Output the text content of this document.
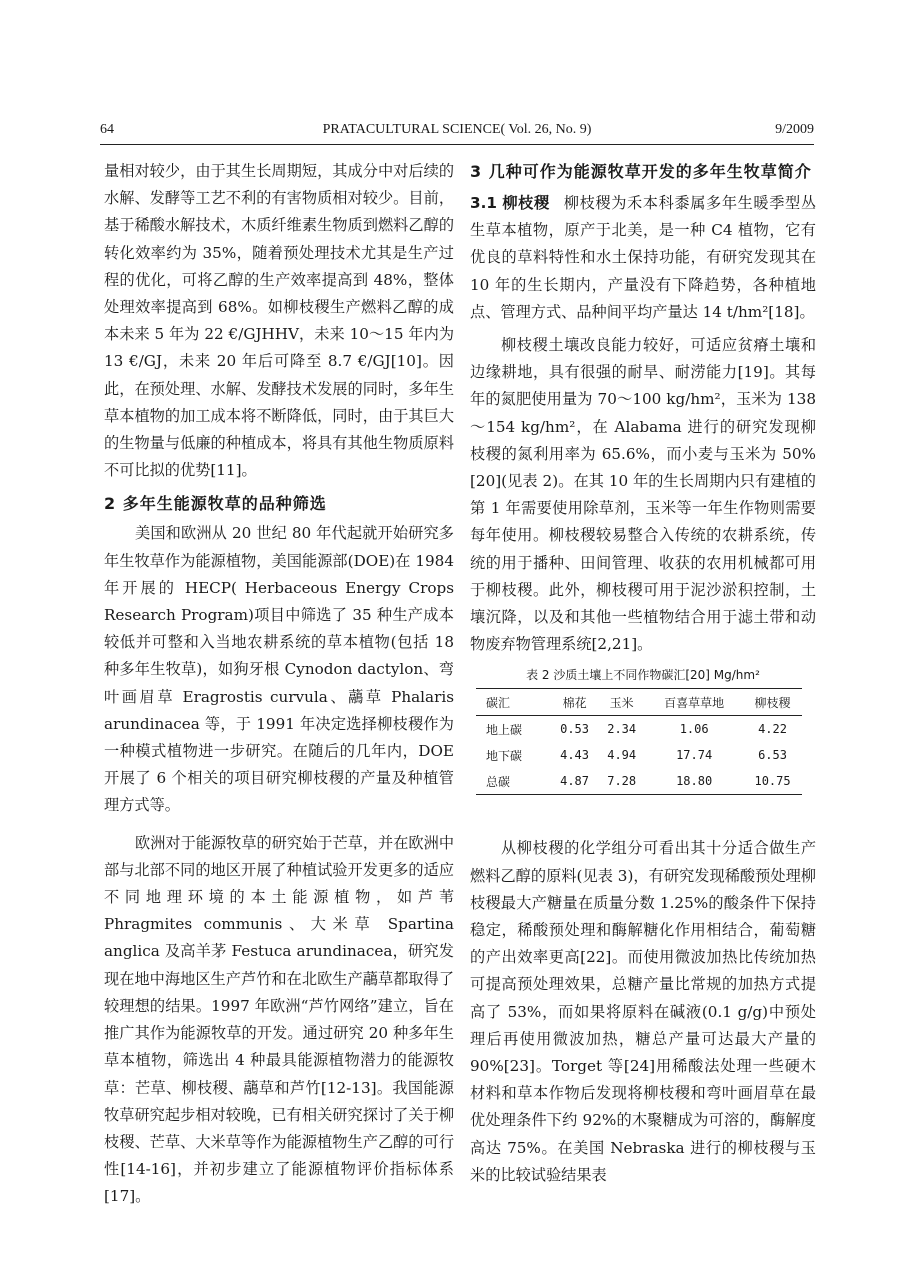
64	PRATACULTURAL SCIENCE( Vol. 26, No. 9)	9/2009

量相对较少，由于其生长周期短，其成分中对后续的水解、发酵等工艺不利的有害物质相对较少。目前，基于稀酸水解技术，木质纤维素生物质到燃料乙醇的转化效率约为 35%，随着预处理技术尤其是生产过程的优化，可将乙醇的生产效率提高到 48%，整体处理效率提高到 68%。如柳枝稷生产燃料乙醇的成本未来 5 年为 22 €/GJHHV，未来 10～15 年内为 13 €/GJ，未来 20 年后可降至 8.7 €/GJ[10]。因此，在预处理、水解、发酵技术发展的同时，多年生草本植物的加工成本将不断降低，同时，由于其巨大的生物量与低廉的种植成本，将具有其他生物质原料不可比拟的优势[11]。

2 多年生能源牧草的品种筛选

美国和欧洲从 20 世纪 80 年代起就开始研究多年生牧草作为能源植物，美国能源部(DOE)在 1984 年开展的 HECP( Herbaceous Energy Crops Research Program)项目中筛选了 35 种生产成本较低并可整和入当地农耕系统的草本植物(包括 18 种多年生牧草)，如狗牙根 Cynodon dactylon、弯叶画眉草 Eragrostis curvula、虉草 Phalaris arundinacea 等，于 1991 年决定选择柳枝稷作为一种模式植物进一步研究。在随后的几年内，DOE 开展了 6 个相关的项目研究柳枝稷的产量及种植管理方式等。

欧洲对于能源牧草的研究始于芒草，并在欧洲中部与北部不同的地区开展了种植试验开发更多的适应不同地理环境的本土能源植物，如芦苇 Phragmites communis、大米草 Spartina anglica 及高羊茅 Festuca arundinacea，研究发现在地中海地区生产芦竹和在北欧生产虉草都取得了较理想的结果。1997 年欧洲“芦竹网络”建立，旨在推广其作为能源牧草的开发。通过研究 20 种多年生草本植物，筛选出 4 种最具能源植物潜力的能源牧草：芒草、柳枝稷、虉草和芦竹[12-13]。我国能源牧草研究起步相对较晚，已有相关研究探讨了关于柳枝稷、芒草、大米草等作为能源植物生产乙醇的可行性[14-16]，并初步建立了能源植物评价指标体系[17]。

3 几种可作为能源牧草开发的多年生牧草简介

3.1 柳枝稷 柳枝稷为禾本科黍属多年生暖季型丛生草本植物，原产于北美，是一种 C4 植物，它有优良的草料特性和水土保持功能，有研究发现其在 10 年的生长期内，产量没有下降趋势，各种植地点、管理方式、品种间平均产量达 14 t/hm²[18]。

柳枝稷土壤改良能力较好，可适应贫瘠土壤和边缘耕地，具有很强的耐旱、耐涝能力[19]。其每年的氮肥使用量为 70～100 kg/hm²，玉米为 138～154 kg/hm²，在 Alabama 进行的研究发现柳枝稷的氮利用率为 65.6%，而小麦与玉米为 50%[20](见表 2)。在其 10 年的生长周期内只有建植的第 1 年需要使用除草剂，玉米等一年生作物则需要每年使用。柳枝稷较易整合入传统的农耕系统，传统的用于播种、田间管理、收获的农用机械都可用于柳枝稷。此外，柳枝稷可用于泥沙淤积控制，土壤沉降，以及和其他一些植物结合用于滤土带和动物废弃物管理系统[2,21]。

表 2 沙质土壤上不同作物碳汇[20] Mg/hm²
碳汇	棉花	玉米	百喜草草地	柳枝稷
地上碳	0.53	2.34	1.06	4.22
地下碳	4.43	4.94	17.74	6.53
总碳	4.87	7.28	18.80	10.75

从柳枝稷的化学组分可看出其十分适合做生产燃料乙醇的原料(见表 3)，有研究发现稀酸预处理柳枝稷最大产糖量在质量分数 1.25%的酸条件下保持稳定，稀酸预处理和酶解糖化作用相结合，葡萄糖的产出效率更高[22]。而使用微波加热比传统加热可提高预处理效果，总糖产量比常规的加热方式提高了 53%，而如果将原料在碱液(0.1 g/g)中预处理后再使用微波加热，糖总产量可达最大产量的 90%[23]。Torget 等[24]用稀酸法处理一些硬木材料和草本作物后发现将柳枝稷和弯叶画眉草在最优处理条件下约 92%的木聚糖成为可溶的，酶解度高达 75%。在美国 Nebraska 进行的柳枝稷与玉米的比较试验结果表
